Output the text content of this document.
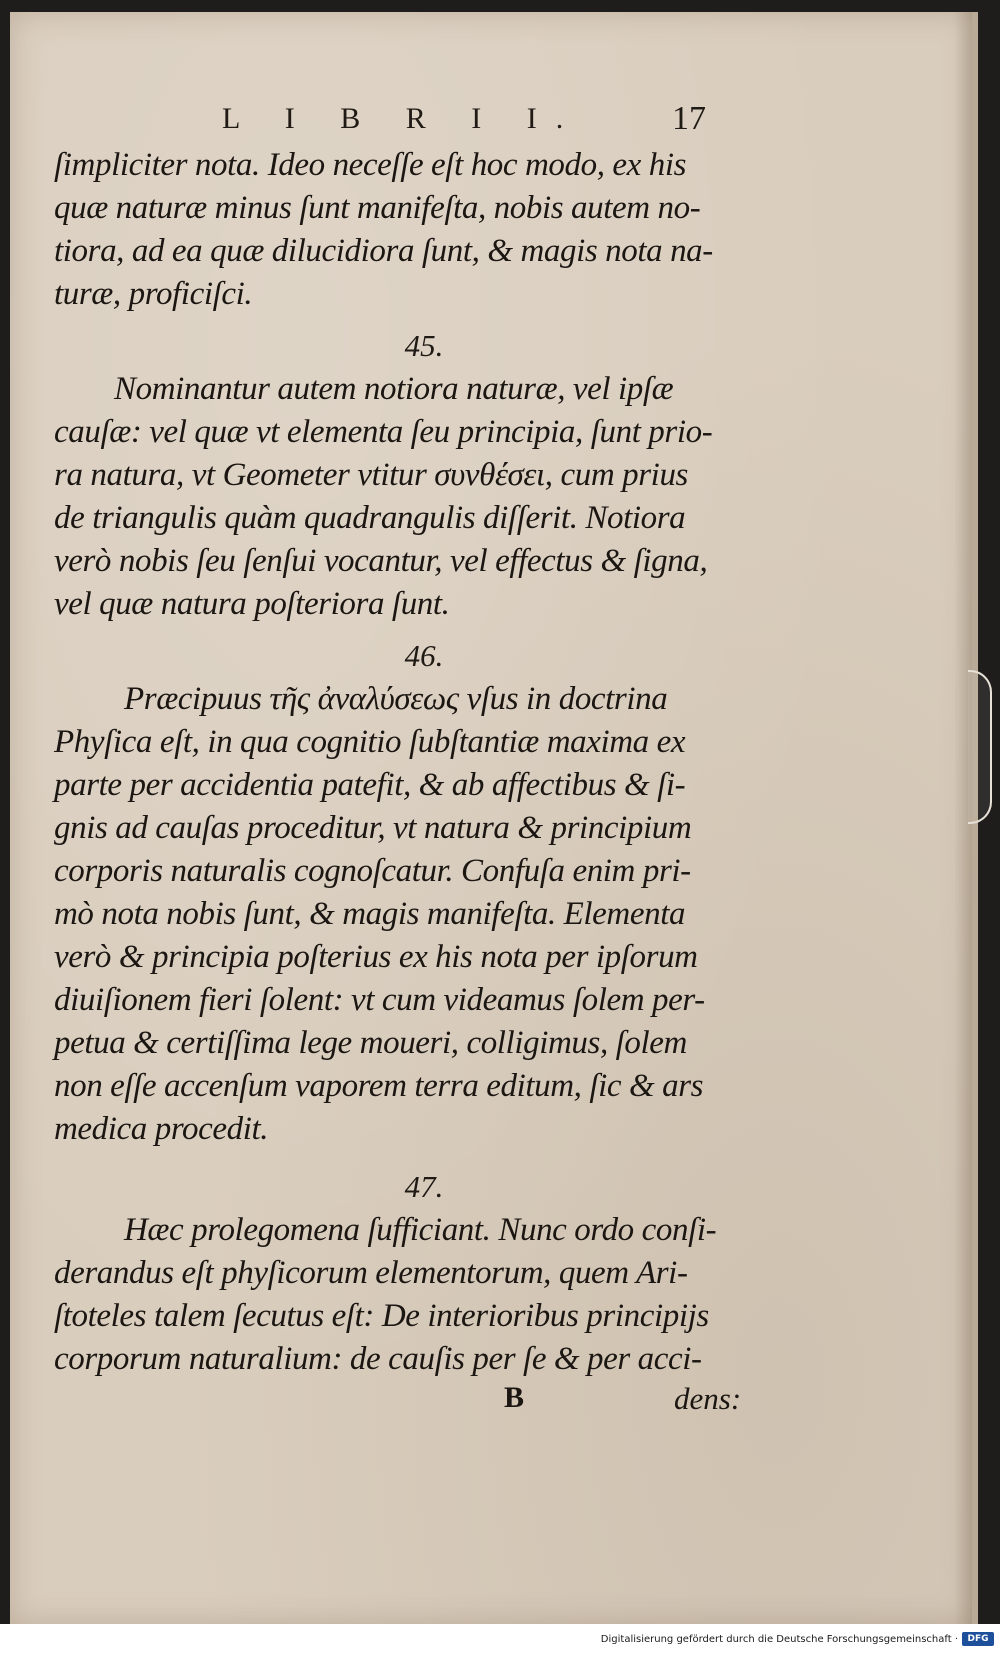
L I B R I I.	17
ſimpliciter nota. Ideo neceſſe eſt hoc modo, ex his
quæ naturæ minus ſunt manifeſta, nobis autem no-
tiora, ad ea quæ dilucidiora ſunt, & magis nota na-
turæ, proficiſci.
45.
Nominantur autem notiora naturæ, vel ipſæ
cauſæ: vel quæ vt elementa ſeu principia, ſunt prio-
ra natura, vt Geometer vtitur συνθέσει, cum prius
de triangulis quàm quadrangulis diſſerit. Notiora
verò nobis ſeu ſenſui vocantur, vel effectus & ſigna,
vel quæ natura poſteriora ſunt.
46.
Præcipuus τῆς ἀναλύσεως vſus in doctrina
Phyſica eſt, in qua cognitio ſubſtantiæ maxima ex
parte per accidentia patefit, & ab affectibus & ſi-
gnis ad cauſas proceditur, vt natura & principium
corporis naturalis cognoſcatur. Confuſa enim pri-
mò nota nobis ſunt, & magis manifeſta. Elementa
verò & principia poſterius ex his nota per ipſorum
diuiſionem fieri ſolent: vt cum videamus ſolem per-
petua & certiſſima lege moueri, colligimus, ſolem
non eſſe accenſum vaporem terra editum, ſic & ars
medica procedit.
47.
Hæc prolegomena ſufficiant. Nunc ordo conſi-
derandus eſt phyſicorum elementorum, quem Ari-
ſtoteles talem ſecutus eſt: De interioribus principijs
corporum naturalium: de cauſis per ſe & per acci-
B	dens:
Digitalisierung gefördert durch die Deutsche Forschungsgemeinschaft ·	DFG
